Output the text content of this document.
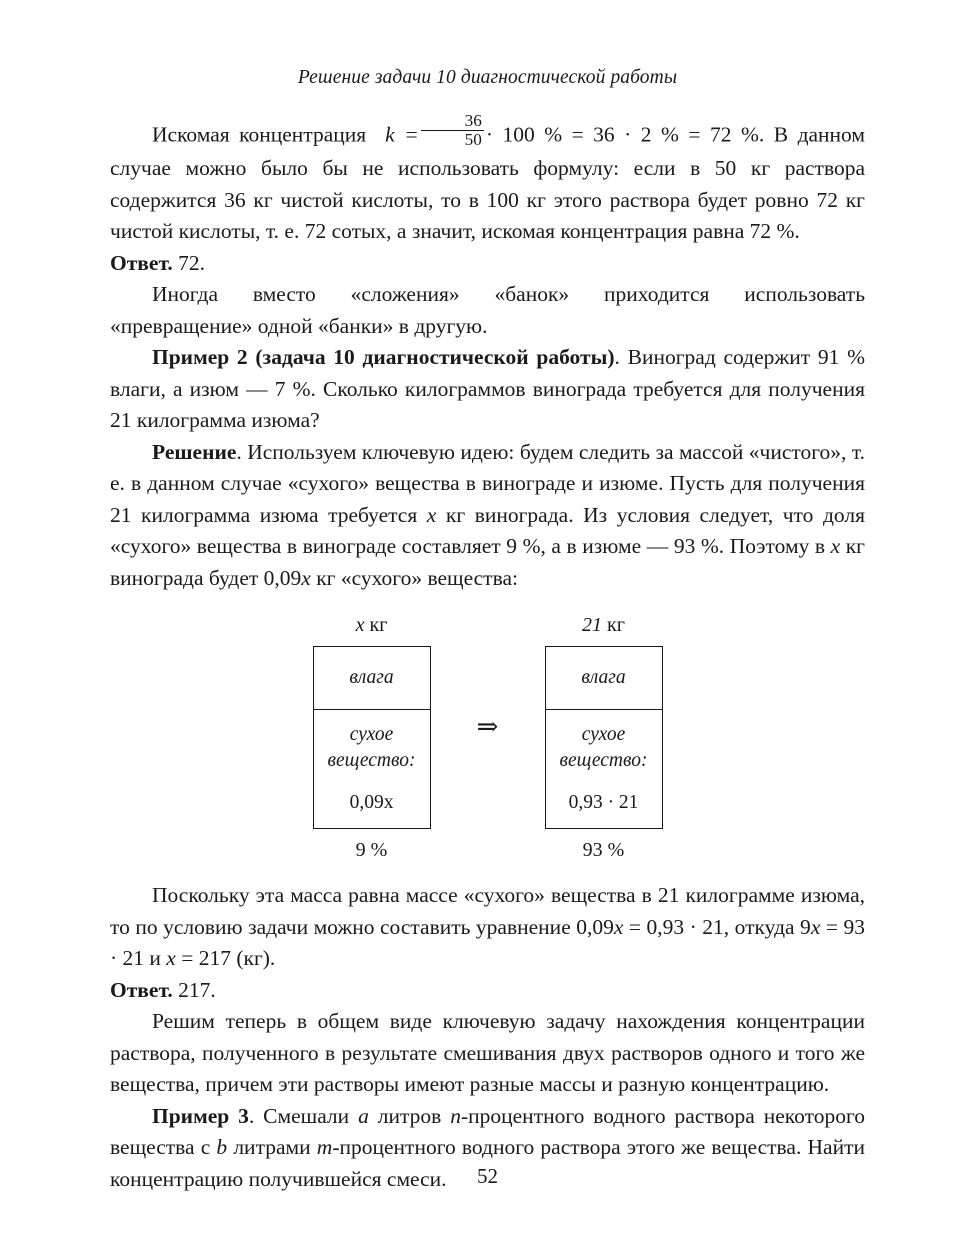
Решение задачи 10 диагностической работы

Искомая концентрация $k = \frac{36}{50} \cdot 100$ % = 36 · 2 % = 72 %. В данном случае можно было бы не использовать формулу: если в 50 кг раствора содержится 36 кг чистой кислоты, то в 100 кг этого раствора будет ровно 72 кг чистой кислоты, т. е. 72 сотых, а значит, искомая концентрация равна 72 %.

Ответ. 72.

Иногда вместо «сложения» «банок» приходится использовать «превращение» одной «банки» в другую.

Пример 2 (задача 10 диагностической работы). Виноград содержит 91 % влаги, а изюм — 7 %. Сколько килограммов винограда требуется для получения 21 килограмма изюма?

Решение. Используем ключевую идею: будем следить за массой «чистого», т. е. в данном случае «сухого» вещества в винограде и изюме. Пусть для получения 21 килограмма изюма требуется x кг винограда. Из условия следует, что доля «сухого» вещества в винограде составляет 9 %, а в изюме — 93 %. Поэтому в x кг винограда будет 0,09x кг «сухого» вещества:

x кг
влага
сухое
вещество:
0,09x
9 %
⇒
21 кг
влага
сухое
вещество:
0,93 · 21
93 %

Поскольку эта масса равна массе «сухого» вещества в 21 килограмме изюма, то по условию задачи можно составить уравнение 0,09x = 0,93 · 21, откуда 9x = 93 · 21 и x = 217 (кг).

Ответ. 217.

Решим теперь в общем виде ключевую задачу нахождения концентрации раствора, полученного в результате смешивания двух растворов одного и того же вещества, причем эти растворы имеют разные массы и разную концентрацию.

Пример 3. Смешали a литров n-процентного водного раствора некоторого вещества с b литрами m-процентного водного раствора этого же вещества. Найти концентрацию получившейся смеси.	52
